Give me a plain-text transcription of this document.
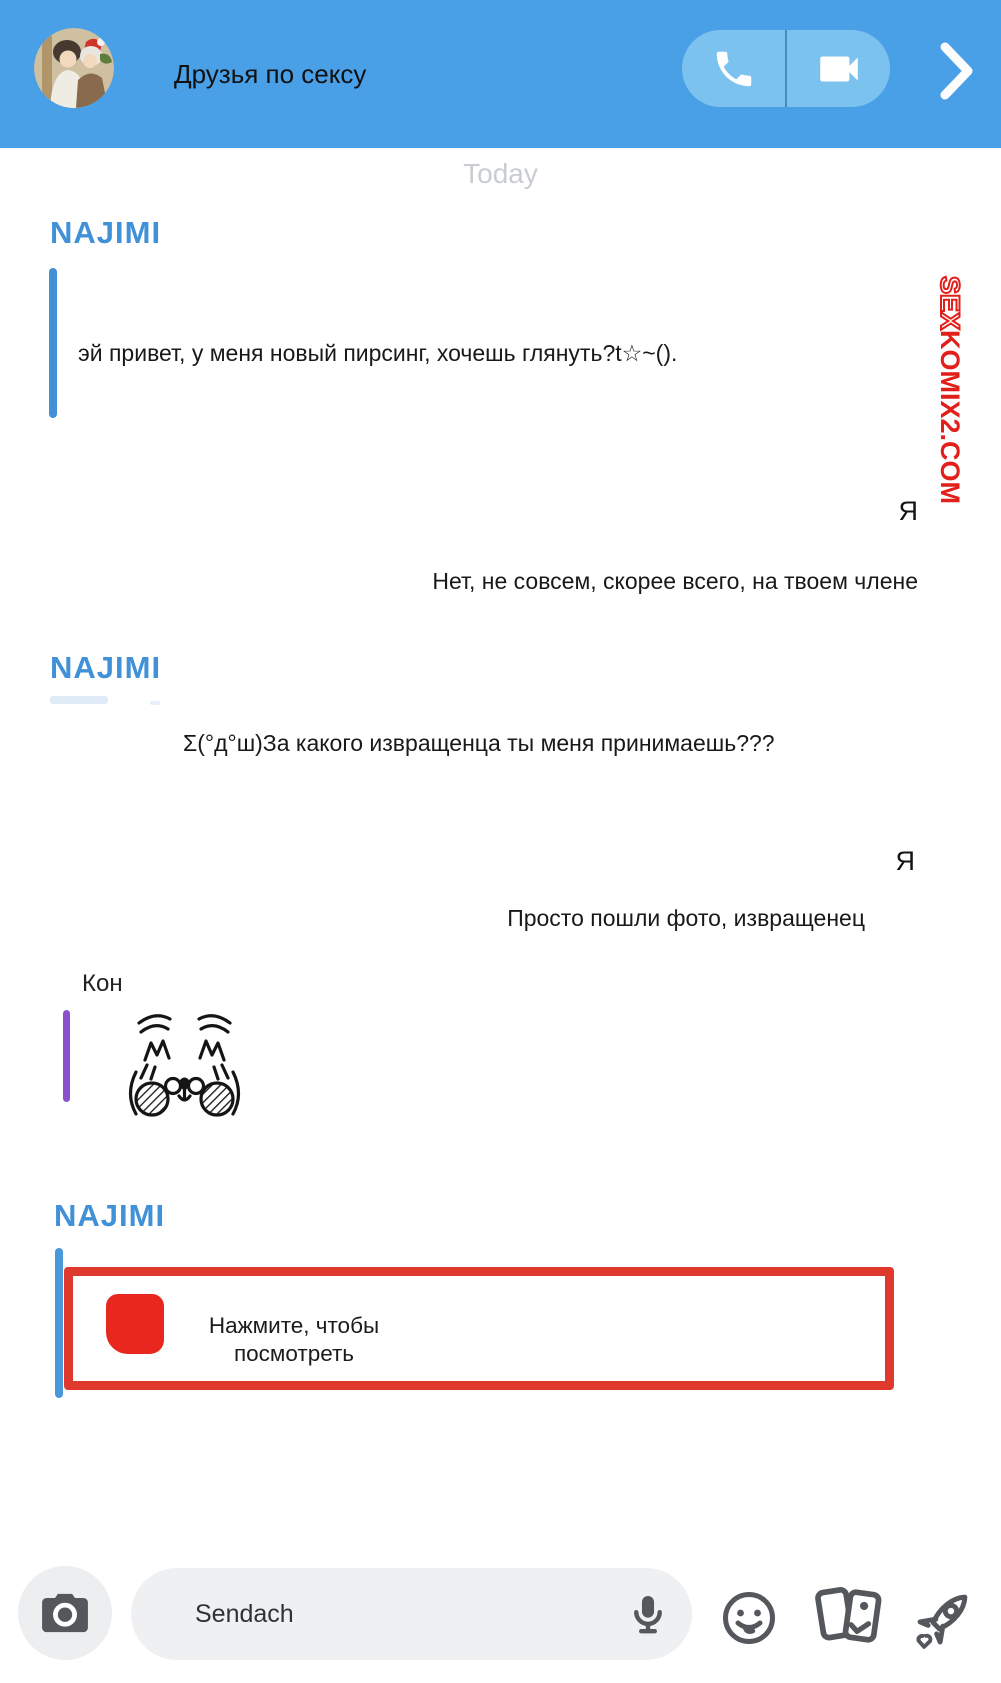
Друзья по сексу
Today
NAJIMI
эй привет, у меня новый пирсинг, хочешь глянуть?t☆~().
Я
Нет, не совсем, скорее всего, на твоем члене
NAJIMI
Σ(°д°ш)За какого извращенца ты меня принимаешь???
Я
Просто пошли фото, извращенец
Кон
NAJIMI
Нажмите, чтобы посмотреть
SEXKOMIX2.COM
Sendach
